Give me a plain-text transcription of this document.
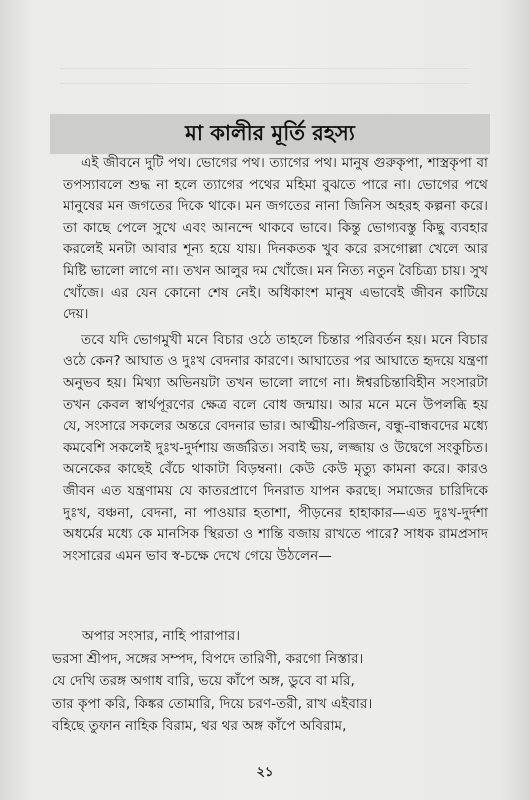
মা কালীর মূর্তি রহস্য

এই জীবনে দুটি পথ। ভোগের পথ। ত্যাগের পথ। মানুষ গুরুকৃপা, শাস্ত্রকৃপা বা তপস্যাবলে শুদ্ধ না হলে ত্যাগের পথের মহিমা বুঝতে পারে না। ভোগের পথে মানুষের মন জগতের দিকে থাকে। মন জগতের নানা জিনিস অহরহ কল্পনা করে। তা কাছে পেলে সুখে এবং আনন্দে থাকবে ভাবে। কিন্তু ভোগ্যবস্তু কিছু ব্যবহার করলেই মনটা আবার শূন্য হয়ে যায়। দিনকতক খুব করে রসগোল্লা খেলে আর মিষ্টি ভালো লাগে না। তখন আলুর দম খোঁজে। মন নিত্য নতুন বৈচিত্র্য চায়। সুখ খোঁজে। এর যেন কোনো শেষ নেই। অধিকাংশ মানুষ এভাবেই জীবন কাটিয়ে দেয়।

তবে যদি ভোগমুখী মনে বিচার ওঠে তাহলে চিন্তার পরিবর্তন হয়। মনে বিচার ওঠে কেন? আঘাত ও দুঃখ বেদনার কারণে। আঘাতের পর আঘাতে হৃদয়ে যন্ত্রণা অনুভব হয়। মিথ্যা অভিনয়টা তখন ভালো লাগে না। ঈশ্বরচিন্তাবিহীন সংসারটা তখন কেবল স্বার্থপূরণের ক্ষেত্র বলে বোধ জন্মায়। আর মনে মনে উপলব্ধি হয় যে, সংসারে সকলের অন্তরে বেদনার ভার। আত্মীয়-পরিজন, বন্ধু-বান্ধবদের মধ্যে কমবেশি সকলেই দুঃখ-দুর্দশায় জর্জরিত। সবাই ভয়, লজ্জায় ও উদ্বেগে সংকুচিত। অনেকের কাছেই বেঁচে থাকাটা বিড়ম্বনা। কেউ কেউ মৃত্যু কামনা করে। কারও জীবন এত যন্ত্রণাময় যে কাতরপ্রাণে দিনরাত যাপন করছে। সমাজের চারিদিকে দুঃখ, বঞ্চনা, বেদনা, না পাওয়ার হতাশা, পীড়নের হাহাকার—এত দুঃখ-দুর্দশা অধর্মের মধ্যে কে মানসিক স্থিরতা ও শান্তি বজায় রাখতে পারে? সাধক রামপ্রসাদ সংসারের এমন ভাব স্ব-চক্ষে দেখে গেয়ে উঠলেন—

অপার সংসার, নাহি পারাপার।
ভরসা শ্রীপদ, সঙ্গের সম্পদ, বিপদে তারিণী, করগো নিস্তার।
যে দেখি তরঙ্গ অগাধ বারি, ভয়ে কাঁপে অঙ্গ, ডুবে বা মরি,
তার কৃপা করি, কিঙ্কর তোমারি, দিয়ে চরণ-তরী, রাখ এইবার।
বহিছে তুফান নাহিক বিরাম, থর থর অঙ্গ কাঁপে অবিরাম,
২১
